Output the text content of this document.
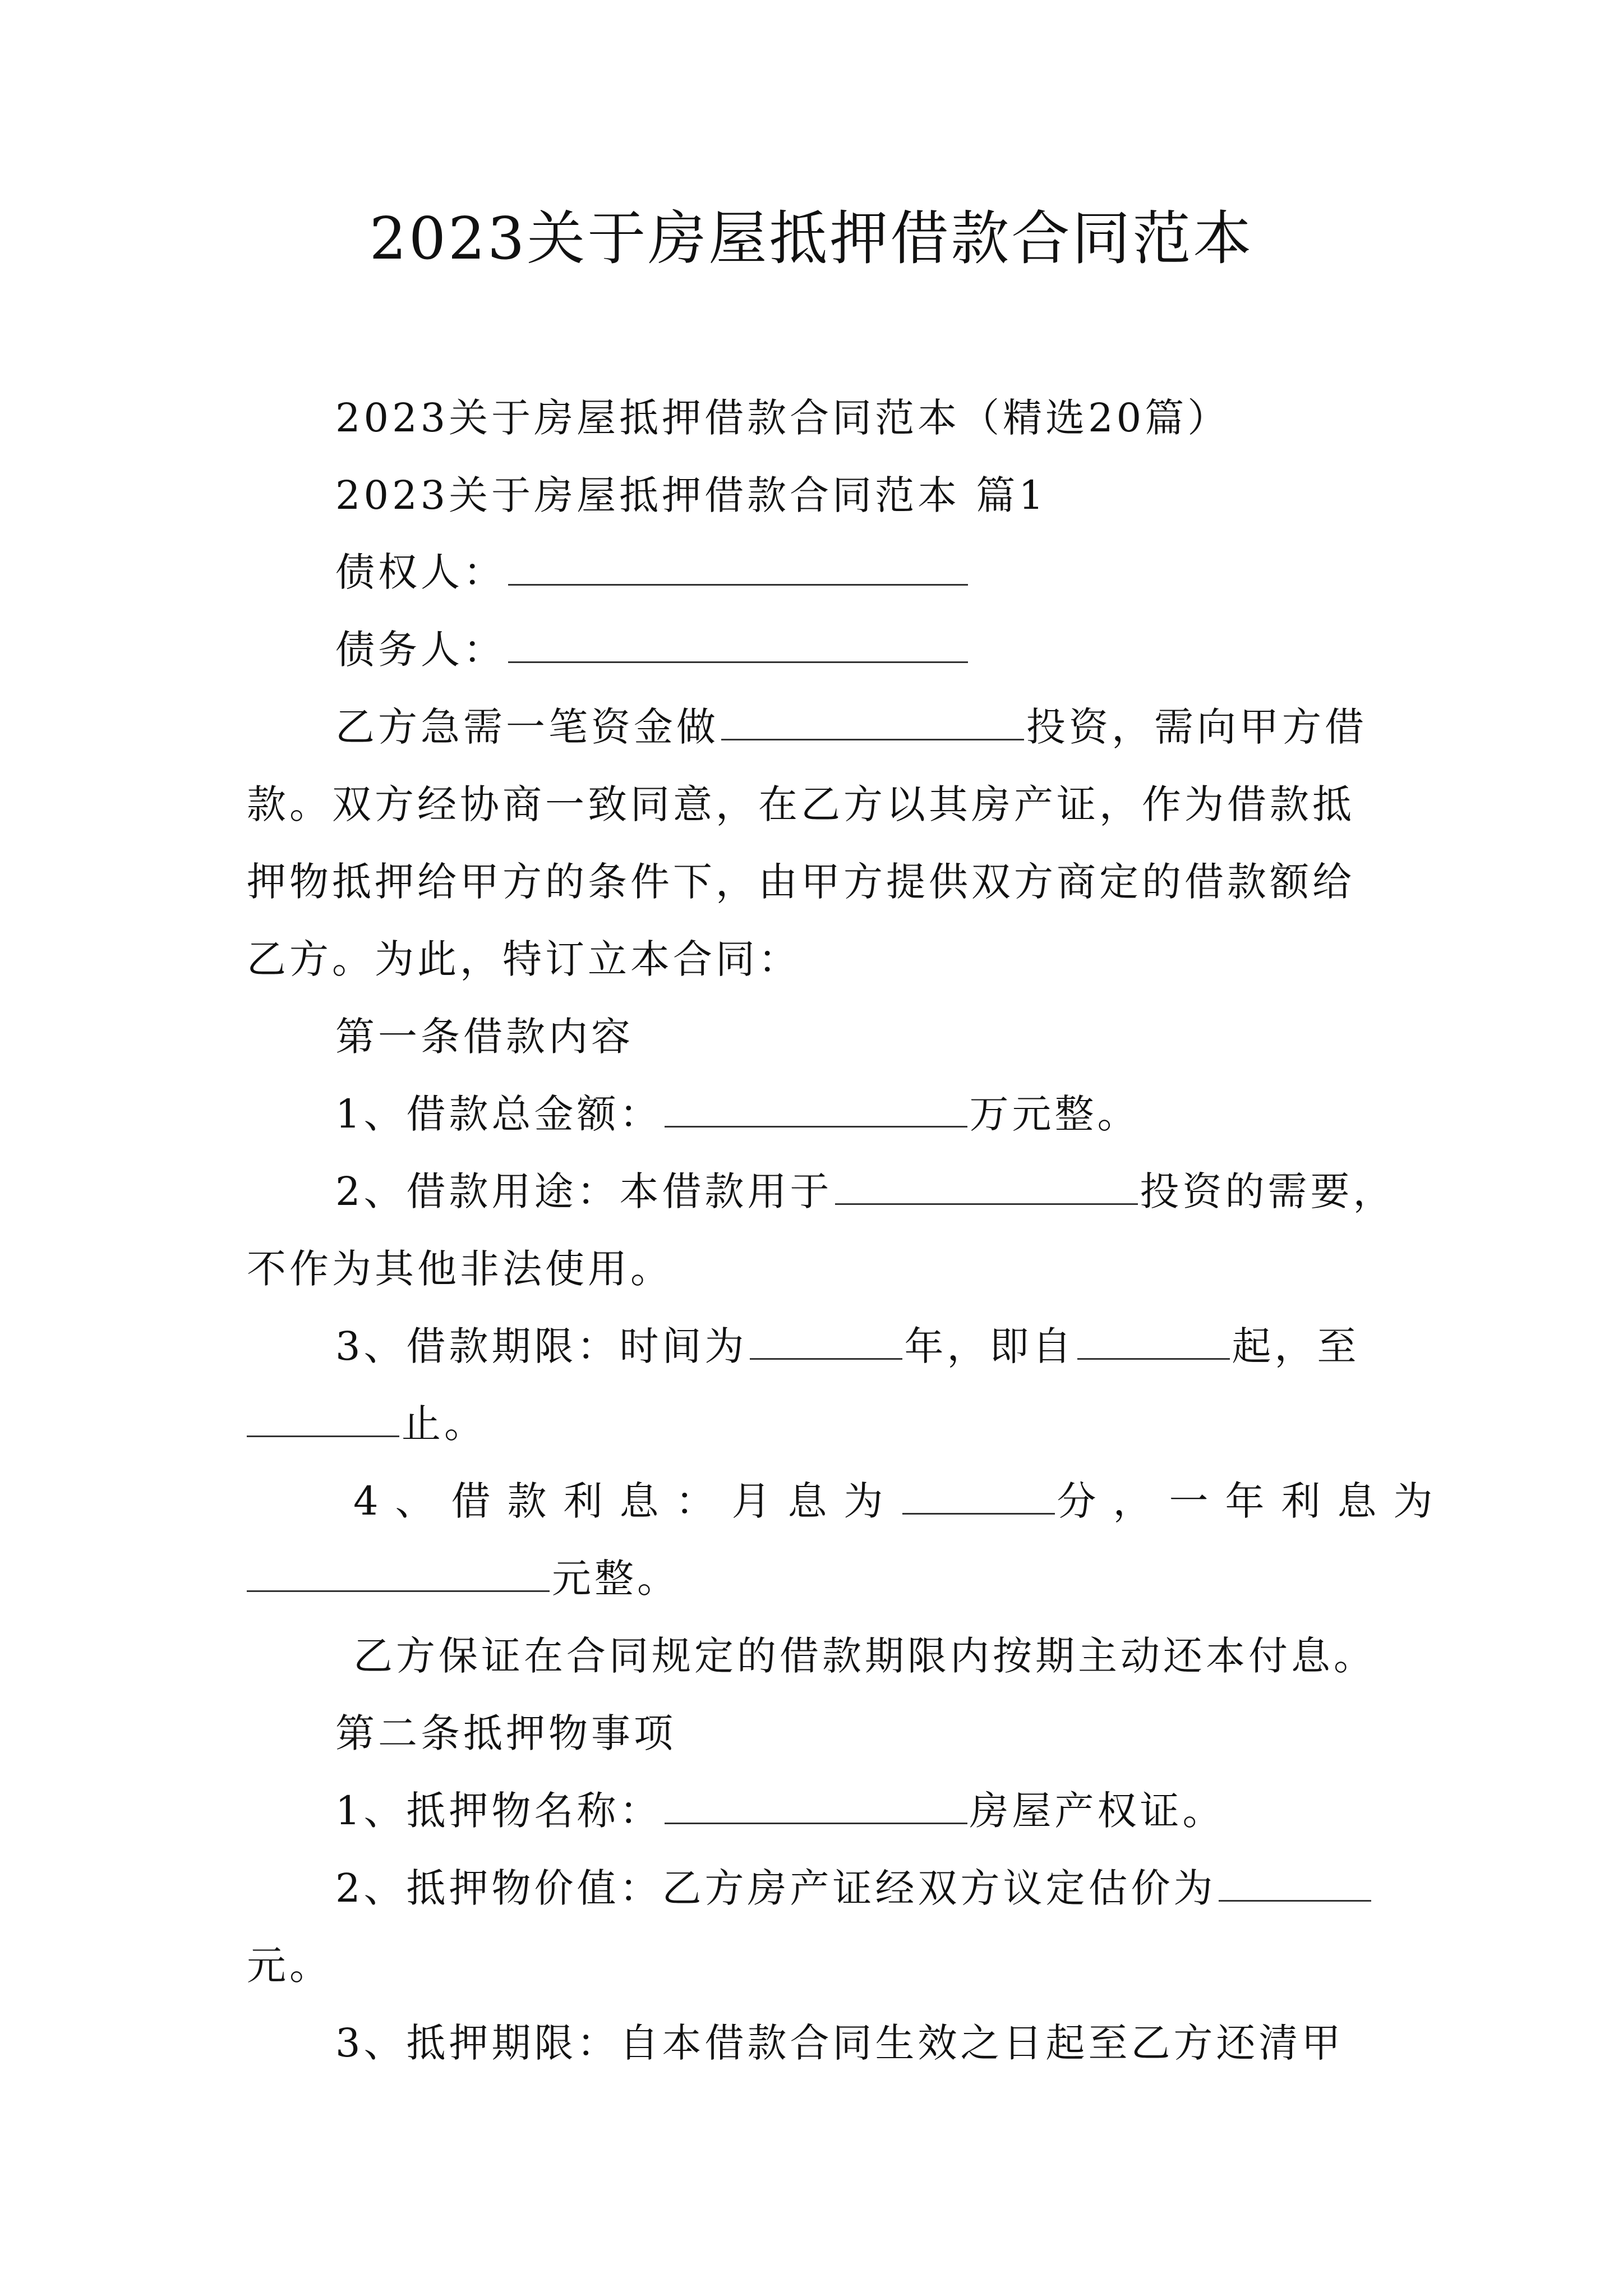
2023关于房屋抵押借款合同范本
2023关于房屋抵押借款合同范本（精选20篇）
2023关于房屋抵押借款合同范本 篇1
债权人：
债务人：
乙方急需一笔资金做	投资，需向甲方借
款。双方经协商一致同意，在乙方以其房产证，作为借款抵
押物抵押给甲方的条件下，由甲方提供双方商定的借款额给
乙方。为此，特订立本合同：
第一条借款内容
1、借款总金额：	万元整。
2、借款用途：本借款用于	投资的需要，
不作为其他非法使用。
3、借款期限：时间为	年，即自	起，至
止。
4、借款利息：月息为	分，一年利息为
元整。
乙方保证在合同规定的借款期限内按期主动还本付息。
第二条抵押物事项
1、抵押物名称：	房屋产权证。
2、抵押物价值：乙方房产证经双方议定估价为
元。
3、抵押期限：自本借款合同生效之日起至乙方还清甲
